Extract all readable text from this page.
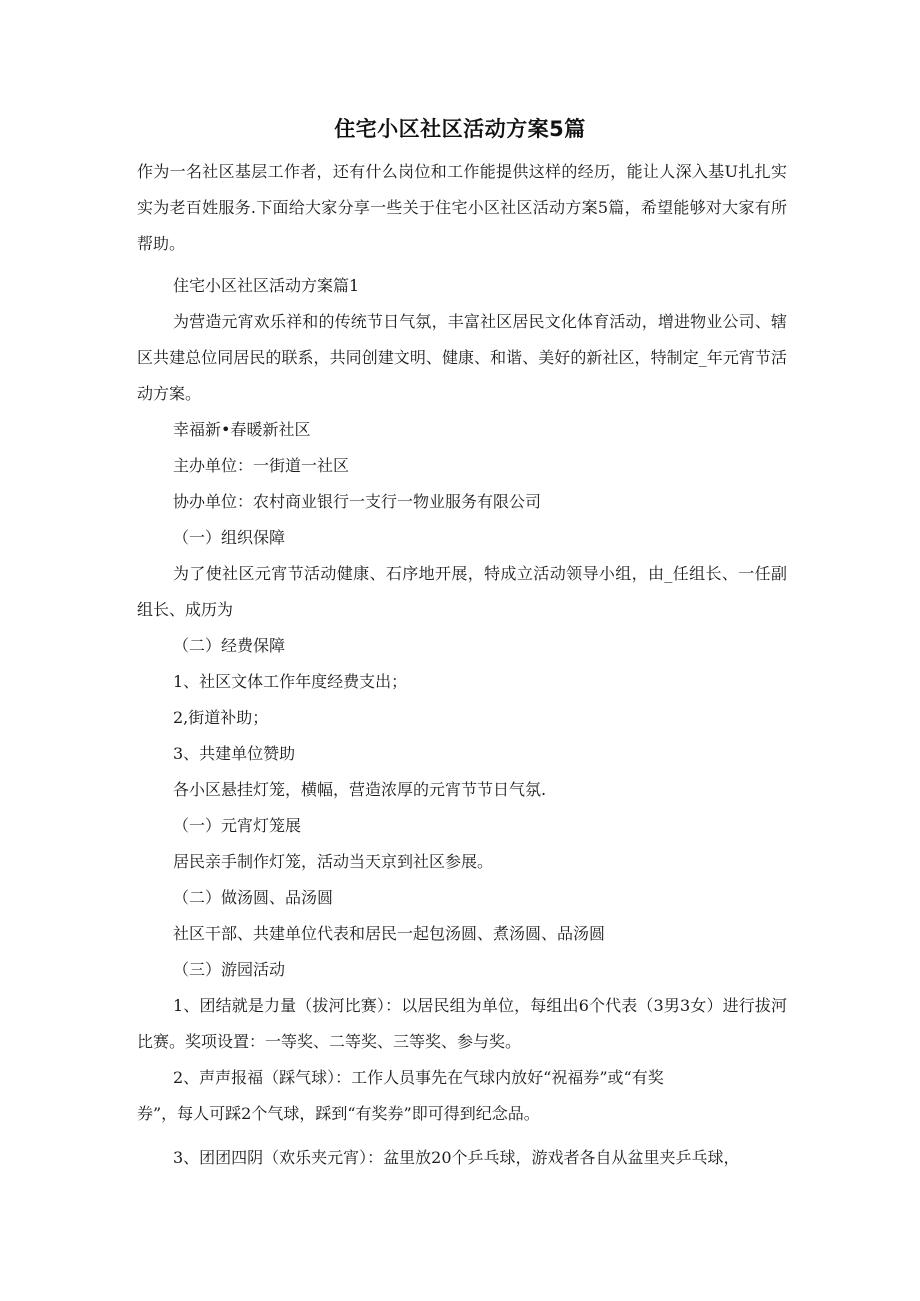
住宅小区社区活动方案5篇

作为一名社区基层工作者，还有什么岗位和工作能提供这样的经历，能让人深入基U扎扎实实为老百姓服务.下面给大家分享一些关于住宅小区社区活动方案5篇，希望能够对大家有所帮助。

住宅小区社区活动方案篇1

为营造元宵欢乐祥和的传统节日气氛，丰富社区居民文化体育活动，增进物业公司、辖区共建总位同居民的联系，共同创建文明、健康、和谐、美好的新社区，特制定_年元宵节活动方案。

幸福新•春暖新社区

主办单位：一街道一社区

协办单位：农村商业银行一支行一物业服务有限公司

（一）组织保障

为了使社区元宵节活动健康、石序地开展，特成立活动领导小组，由_任组长、一任副组长、成历为

（二）经费保障

1、社区文体工作年度经费支出；

2,街道补助；

3、共建单位赞助

各小区悬挂灯笼，横幅，营造浓厚的元宵节节日气氛.

（一）元宵灯笼展

居民亲手制作灯笼，活动当天京到社区参展。

（二）做汤圆、品汤圆

社区干部、共建单位代表和居民一起包汤圆、煮汤圆、品汤圆

（三）游园活动

1、团结就是力量（拔河比赛）：以居民组为单位，每组出6个代表（3男3女）进行拔河比赛。奖项设置：一等奖、二等奖、三等奖、参与奖。

2、声声报福（踩气球）：工作人员事先在气球内放好“祝福券”或“有奖

券”，每人可踩2个气球，踩到“有奖券”即可得到纪念品。

3、团团四阴（欢乐夹元宵）：盆里放20个乒乓球，游戏者各自从盆里夹乒乓球，
